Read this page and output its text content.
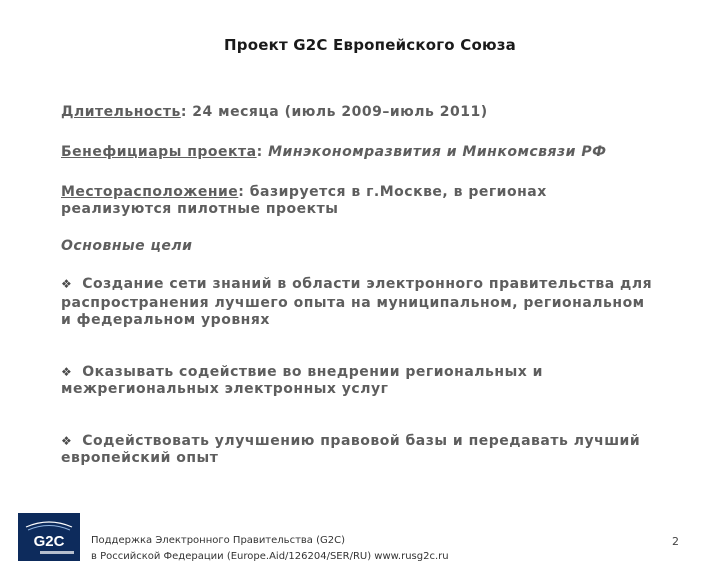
Проект G2C Европейского Союза
Длительность: 24 месяца (июль 2009–июль 2011)
Бенефициары проекта: Минэкономразвития и Минкомсвязи РФ
Месторасположение: базируется в г.Москве, в регионах
реализуются пилотные проекты
Основные цели
❖ Создание сети знаний в области электронного правительства для
распространения лучшего опыта на муниципальном, региональном
и федеральном уровнях
❖ Оказывать содействие во внедрении региональных и
межрегиональных электронных услуг
❖ Содействовать улучшению правовой базы и передавать лучший
европейский опыт
G2C	Поддержка Электронного Правительства (G2C)
в Российской Федерации (Europe.Aid/126204/SER/RU) www.rusg2c.ru
2
